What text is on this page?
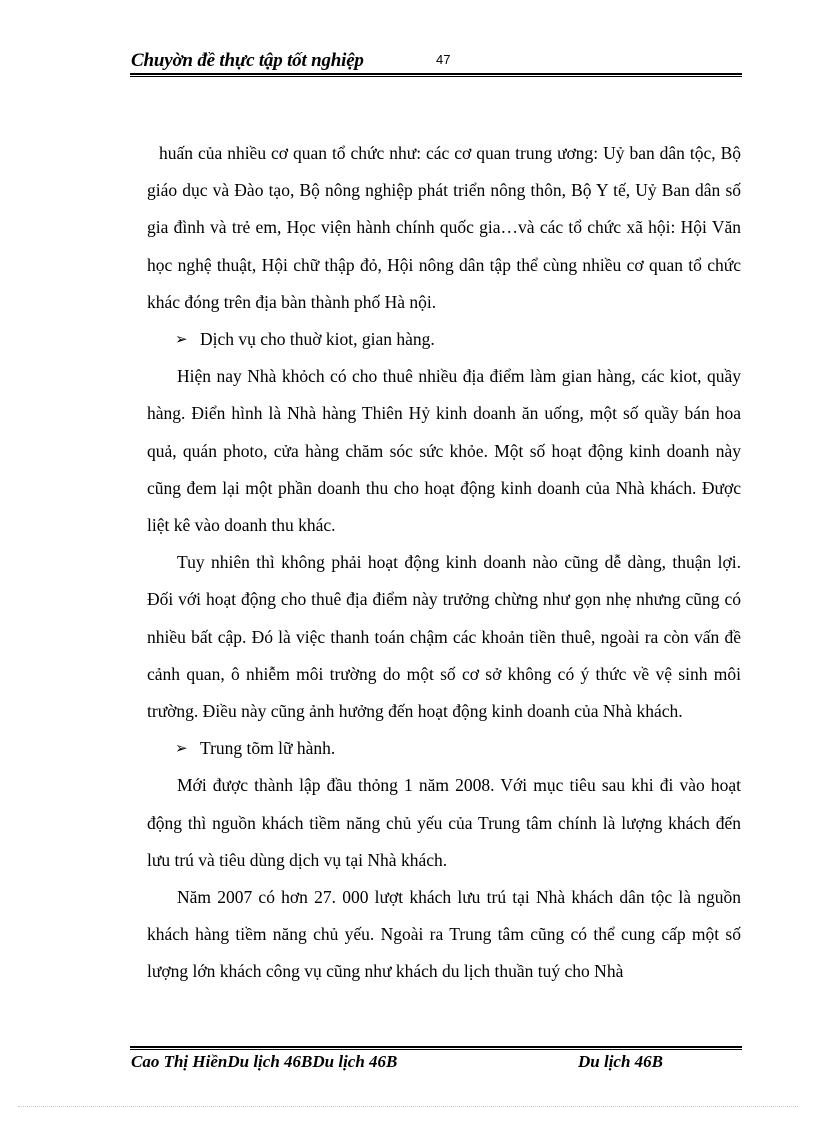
Chuyờn đề thực tập tốt nghiệp	47

huấn của nhiều cơ quan tổ chức như: các cơ quan trung ương: Uỷ ban dân tộc, Bộ giáo dục và Đào tạo, Bộ nông nghiệp phát triển nông thôn, Bộ Y tế, Uỷ Ban dân số gia đình và trẻ em, Học viện hành chính quốc gia…và các tổ chức xã hội: Hội Văn học nghệ thuật, Hội chữ thập đỏ, Hội nông dân tập thể cùng nhiều cơ quan tổ chức khác đóng trên địa bàn thành phố Hà nội.

➢ Dịch vụ cho thuờ kiot, gian hàng.

Hiện nay Nhà khỏch có cho thuê nhiều địa điểm làm gian hàng, các kiot, quầy hàng. Điển hình là Nhà hàng Thiên Hỷ kinh doanh ăn uống, một số quầy bán hoa quả, quán photo, cửa hàng chăm sóc sức khỏe. Một số hoạt động kinh doanh này cũng đem lại một phần doanh thu cho hoạt động kinh doanh của Nhà khách. Được liệt kê vào doanh thu khác.

Tuy nhiên thì không phải hoạt động kinh doanh nào cũng dễ dàng, thuận lợi. Đối với hoạt động cho thuê địa điểm này trưởng chừng như gọn nhẹ nhưng cũng có nhiều bất cập. Đó là việc thanh toán chậm các khoản tiền thuê, ngoài ra còn vấn đề cảnh quan, ô nhiễm môi trường do một số cơ sở không có ý thức về vệ sinh môi trường. Điều này cũng ảnh hưởng đến hoạt động kinh doanh của Nhà khách.

➢ Trung tõm lữ hành.

Mới được thành lập đầu thỏng 1 năm 2008. Với mục tiêu sau khi đi vào hoạt động thì nguồn khách tiềm năng chủ yếu của Trung tâm chính là lượng khách đến lưu trú và tiêu dùng dịch vụ tại Nhà khách.

Năm 2007 có hơn 27. 000 lượt khách lưu trú tại Nhà khách dân tộc là nguồn khách hàng tiềm năng chủ yếu. Ngoài ra Trung tâm cũng có thể cung cấp một số lượng lớn khách công vụ cũng như khách du lịch thuần tuý cho Nhà

Cao Thị HiềnDu lịch 46BDu lịch 46B	Du lịch 46B
